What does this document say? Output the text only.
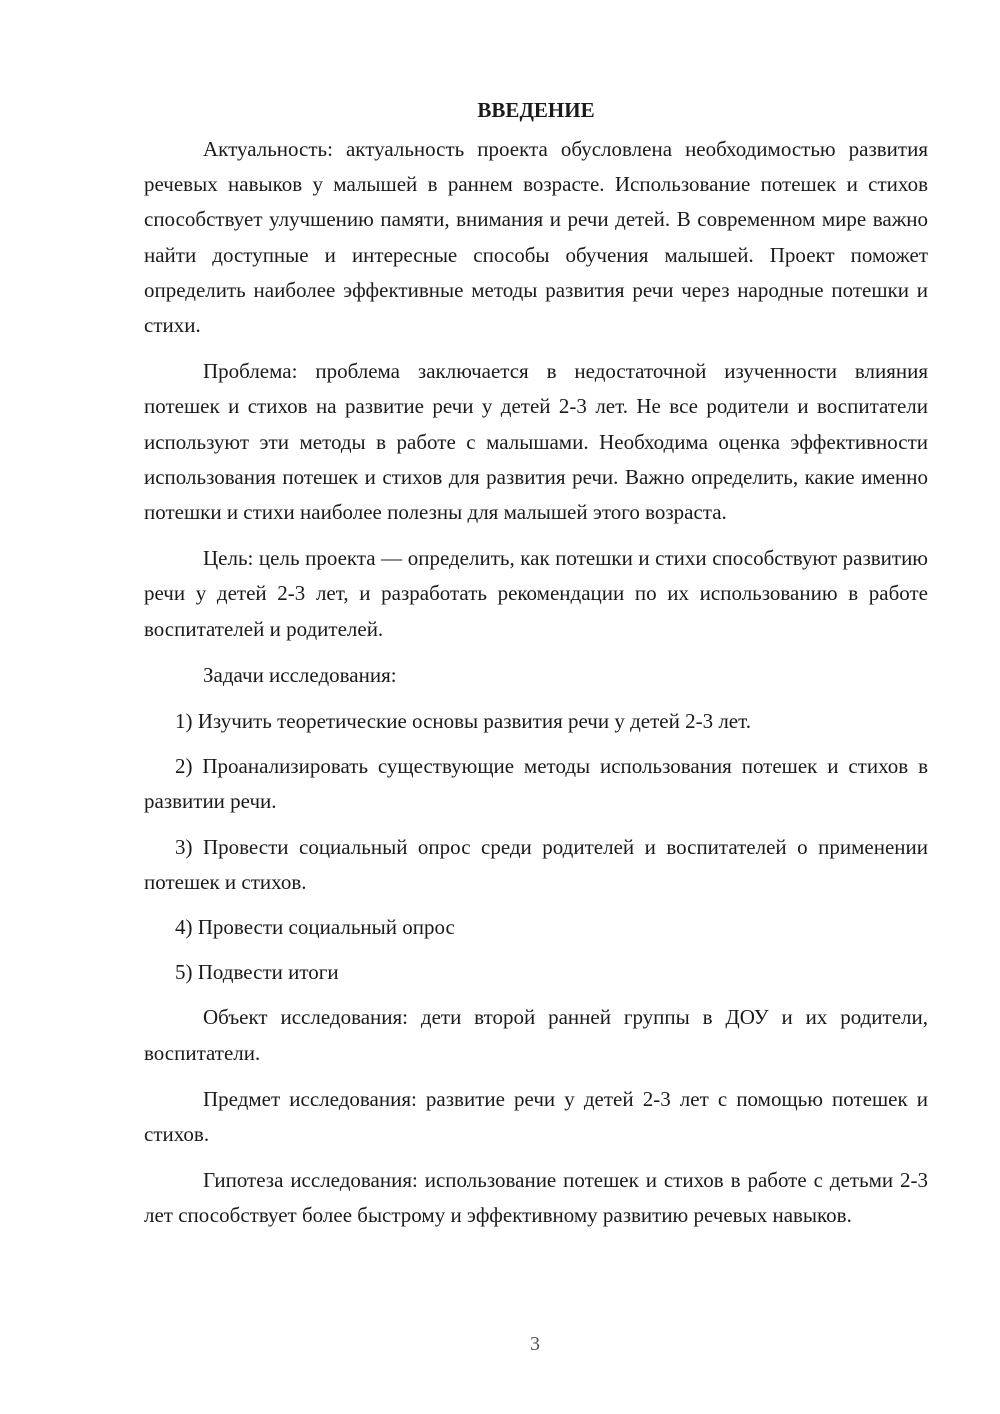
ВВЕДЕНИЕ

Актуальность: актуальность проекта обусловлена необходимостью развития речевых навыков у малышей в раннем возрасте. Использование потешек и стихов способствует улучшению памяти, внимания и речи детей. В современном мире важно найти доступные и интересные способы обучения малышей. Проект поможет определить наиболее эффективные методы развития речи через народные потешки и стихи.

Проблема: проблема заключается в недостаточной изученности влияния потешек и стихов на развитие речи у детей 2-3 лет. Не все родители и воспитатели используют эти методы в работе с малышами. Необходима оценка эффективности использования потешек и стихов для развития речи. Важно определить, какие именно потешки и стихи наиболее полезны для малышей этого возраста.

Цель: цель проекта — определить, как потешки и стихи способствуют развитию речи у детей 2-3 лет, и разработать рекомендации по их использованию в работе воспитателей и родителей.

Задачи исследования:

1) Изучить теоретические основы развития речи у детей 2-3 лет.

2) Проанализировать существующие методы использования потешек и стихов в развитии речи.

3) Провести социальный опрос среди родителей и воспитателей о применении потешек и стихов.

4) Провести социальный опрос

5) Подвести итоги

Объект исследования: дети второй ранней группы в ДОУ и их родители, воспитатели.

Предмет исследования: развитие речи у детей 2-3 лет с помощью потешек и стихов.

Гипотеза исследования: использование потешек и стихов в работе с детьми 2-3 лет способствует более быстрому и эффективному развитию речевых навыков.

3
